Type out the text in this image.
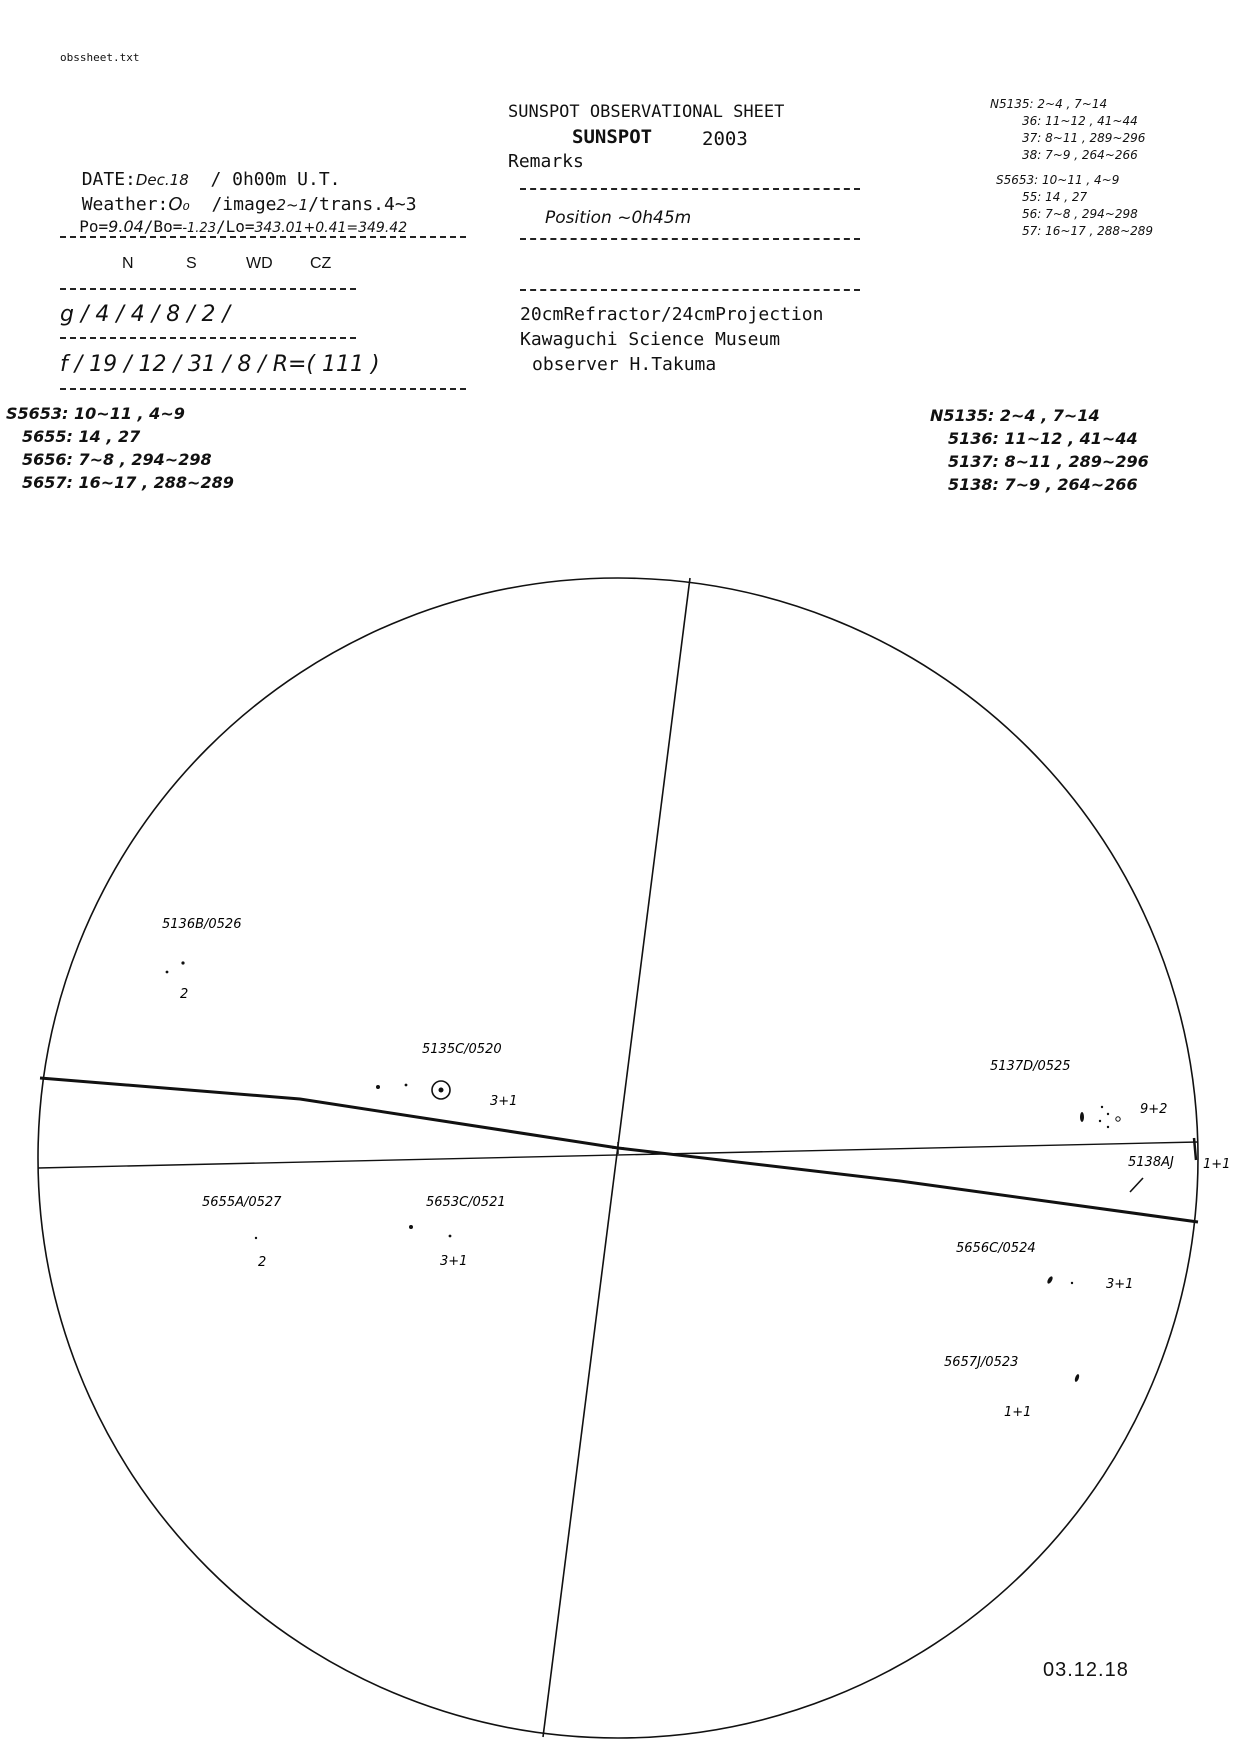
obssheet.txt
SUNSPOT OBSERVATIONAL SHEET
SUNSPOT	2003
Remarks

DATE:Dec.18  / 0h00m U.T.

Weather:O₀ /image2~1/trans.4~3

Po=9.04/Bo=-1.23/Lo=343.01+0.41=349.42

N	S	WD CZ
g / 4 / 4 / 8 / 2 /
f / 19 / 12 / 31 / 8 / R=( 111 )
Position ~0h45m
20cmRefractor/24cmProjection
Kawaguchi Science Museum
observer H.Takuma
N5135: 2~4 , 7~14
36: 11~12 , 41~44
37: 8~11 , 289~296
38: 7~9 , 264~266
S5653: 10~11 , 4~9
55: 14 , 27
56: 7~8 , 294~298
57: 16~17 , 288~289
S5653: 10~11 , 4~9
5655: 14 , 27
5656: 7~8 , 294~298
5657: 16~17 , 288~289
N5135: 2~4 , 7~14
5136: 11~12 , 41~44
5137: 8~11 , 289~296
5138: 7~9 , 264~266
5136B/0526
2
5135C/0520
3+1
5137D/0525
9+2
5138AJ 1+1
5655A/0527
2
5653C/0521
3+1
5656C/0524
3+1
5657J/0523
1+1
03.12.18
